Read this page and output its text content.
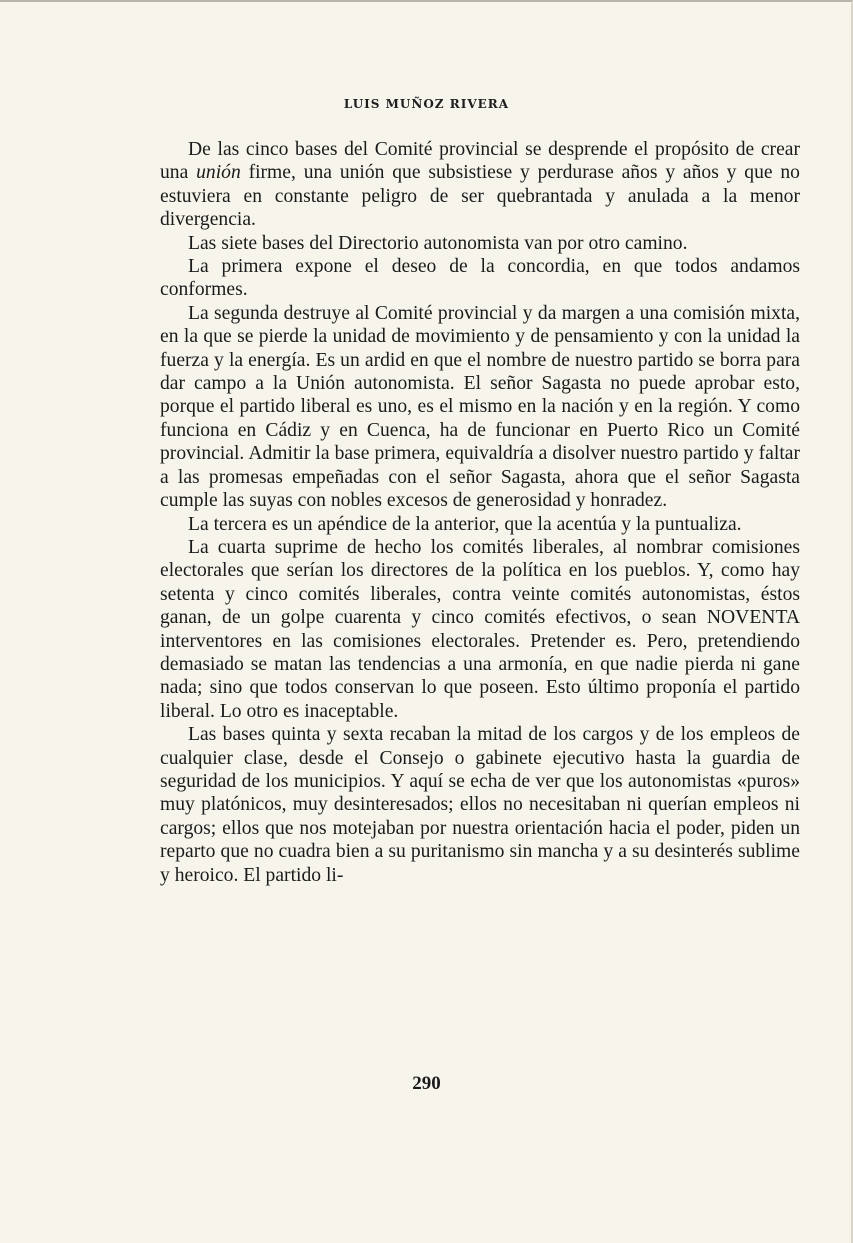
LUIS MUÑOZ RIVERA

De las cinco bases del Comité provincial se desprende el propósito de crear una unión firme, una unión que subsistiese y perdurase años y años y que no estuviera en constante peligro de ser quebrantada y anulada a la menor divergencia.

Las siete bases del Directorio autonomista van por otro camino.

La primera expone el deseo de la concordia, en que todos andamos conformes.

La segunda destruye al Comité provincial y da margen a una comisión mixta, en la que se pierde la unidad de movimiento y de pensamiento y con la unidad la fuerza y la energía. Es un ardid en que el nombre de nuestro partido se borra para dar campo a la Unión autonomista. El señor Sagasta no puede aprobar esto, porque el partido liberal es uno, es el mismo en la nación y en la región. Y como funciona en Cádiz y en Cuenca, ha de funcionar en Puerto Rico un Comité provincial. Admitir la base primera, equivaldría a disolver nuestro partido y faltar a las promesas empeñadas con el señor Sagasta, ahora que el señor Sagasta cumple las suyas con nobles excesos de generosidad y honradez.

La tercera es un apéndice de la anterior, que la acentúa y la puntualiza.

La cuarta suprime de hecho los comités liberales, al nombrar comisiones electorales que serían los directores de la política en los pueblos. Y, como hay setenta y cinco comités liberales, contra veinte comités autonomistas, éstos ganan, de un golpe cuarenta y cinco comités efectivos, o sean NOVENTA interventores en las comisiones electorales. Pretender es. Pero, pretendiendo demasiado se matan las tendencias a una armonía, en que nadie pierda ni gane nada; sino que todos conservan lo que poseen. Esto último proponía el partido liberal. Lo otro es inaceptable.

Las bases quinta y sexta recaban la mitad de los cargos y de los empleos de cualquier clase, desde el Consejo o gabinete ejecutivo hasta la guardia de seguridad de los municipios. Y aquí se echa de ver que los autonomistas «puros» muy platónicos, muy desinteresados; ellos no necesitaban ni querían empleos ni cargos; ellos que nos motejaban por nuestra orientación hacia el poder, piden un reparto que no cuadra bien a su puritanismo sin mancha y a su desinterés sublime y heroico. El partido li-

290
